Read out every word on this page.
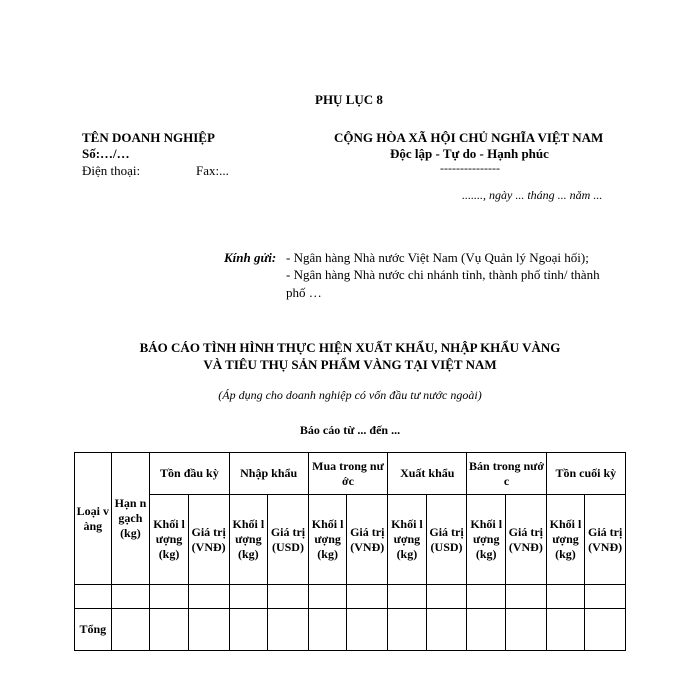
PHỤ LỤC 8
TÊN DOANH NGHIỆP
Số:…/…
Điện thoại:	Fax:...
CỘNG HÒA XÃ HỘI CHỦ NGHĨA VIỆT NAM
Độc lập - Tự do - Hạnh phúc
---------------
......., ngày ... tháng ... năm ...
Kính gửi: - Ngân hàng Nhà nước Việt Nam (Vụ Quản lý Ngoại hối);
- Ngân hàng Nhà nước chi nhánh tỉnh, thành phố tỉnh/ thành
phố …
BÁO CÁO TÌNH HÌNH THỰC HIỆN XUẤT KHẨU, NHẬP KHẨU VÀNG
VÀ TIÊU THỤ SẢN PHẨM VÀNG TẠI VIỆT NAM
(Áp dụng cho doanh nghiệp có vốn đầu tư nước ngoài)
Báo cáo từ ... đến ...
Loại vàng	Hạn ngạch (kg)	Tồn đầu kỳ		Nhập khẩu		Mua trong nước		Xuất khẩu		Bán trong nước		Tồn cuối kỳ	
		Khối lượng (kg)	Giá trị (VNĐ)	Khối lượng (kg)	Giá trị (USD)	Khối lượng (kg)	Giá trị (VNĐ)	Khối lượng (kg)	Giá trị (USD)	Khối lượng (kg)	Giá trị (VNĐ)	Khối lượng (kg)	Giá trị (VNĐ)

Tổng													
